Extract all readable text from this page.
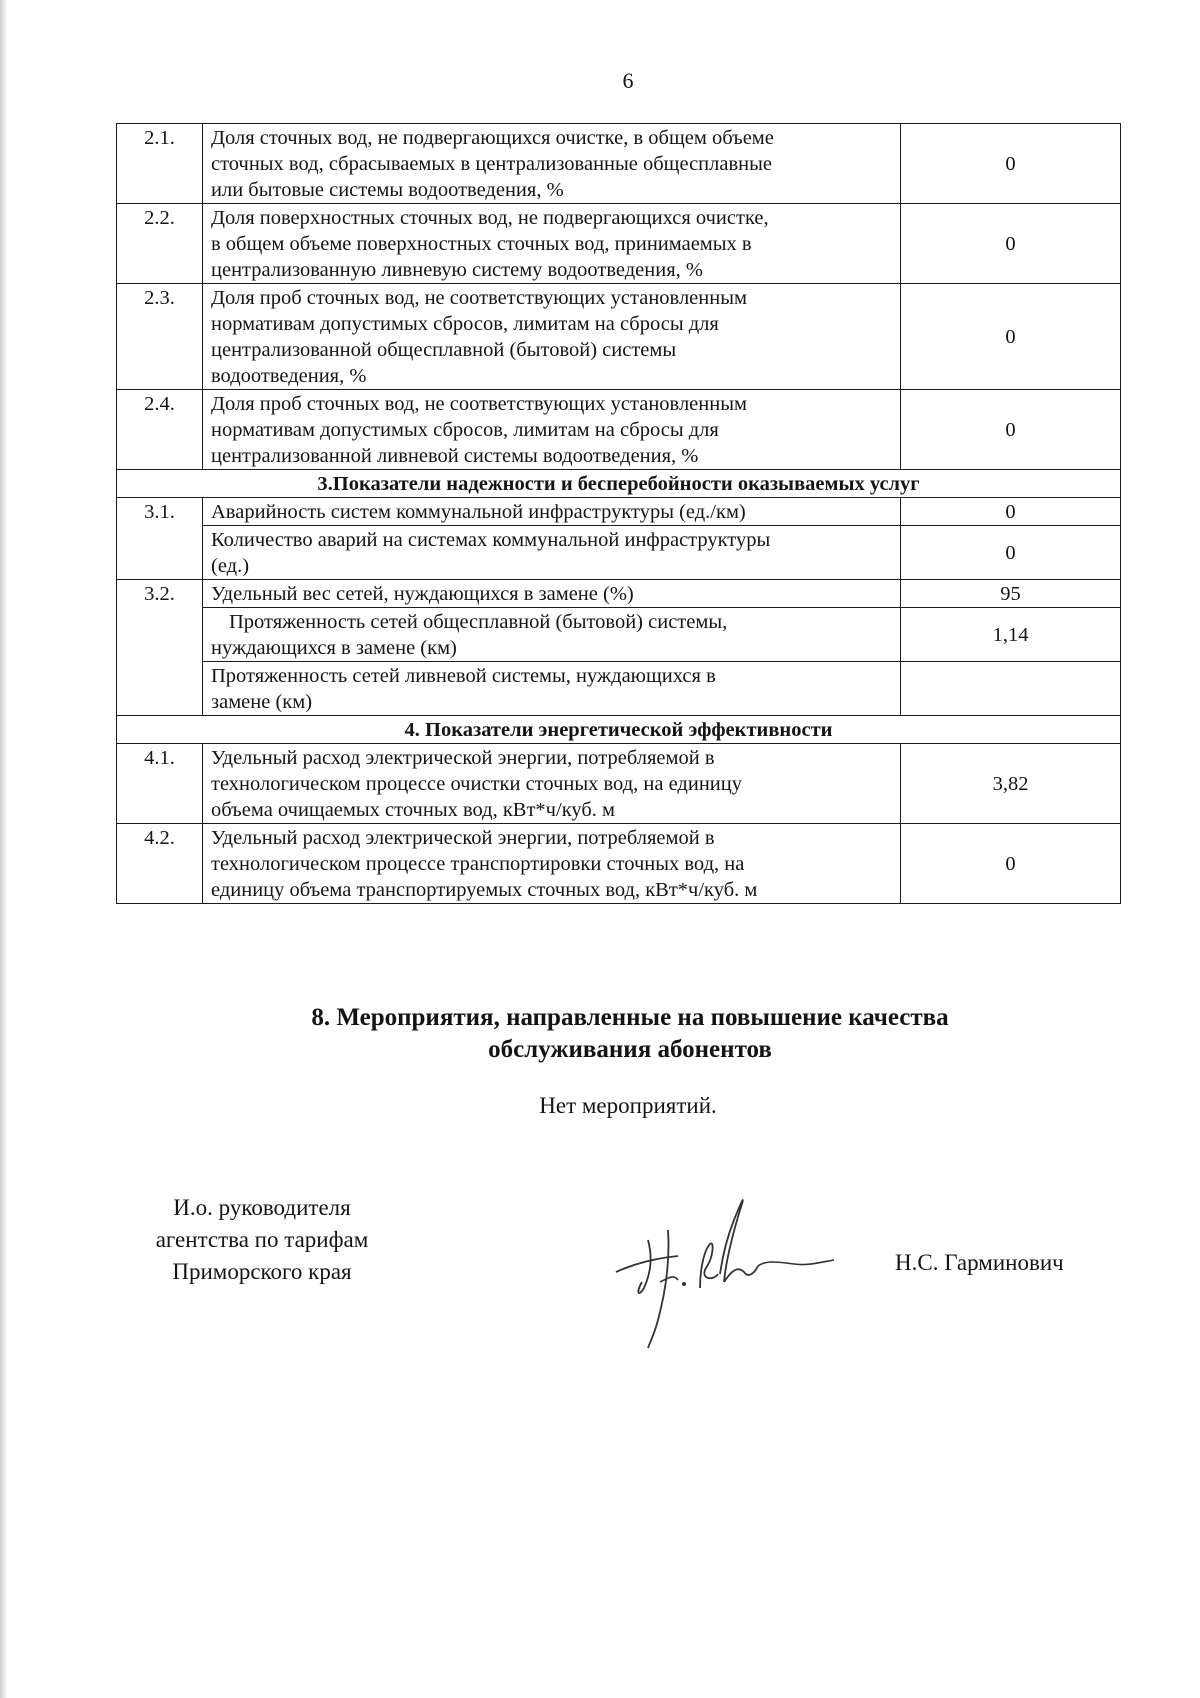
6
2.1.	Доля сточных вод, не подвергающихся очистке, в общем объеме
сточных вод, сбрасываемых в централизованные общесплавные
или бытовые системы водоотведения, %	0
2.2.	Доля поверхностных сточных вод, не подвергающихся очистке,
в общем объеме поверхностных сточных вод, принимаемых в
централизованную ливневую систему водоотведения, %	0
2.3.	Доля проб сточных вод, не соответствующих установленным
нормативам допустимых сбросов, лимитам на сбросы для
централизованной общесплавной (бытовой) системы
водоотведения, %	0
2.4.	Доля проб сточных вод, не соответствующих установленным
нормативам допустимых сбросов, лимитам на сбросы для
централизованной ливневой системы водоотведения, %	0
3.Показатели надежности и бесперебойности оказываемых услуг		
3.1.	Аварийность систем коммунальной инфраструктуры (ед./км)	0

	Количество аварий на системах коммунальной инфраструктуры
(ед.)	0
3.2.	Удельный вес сетей, нуждающихся в замене (%)	95

	Протяженность сетей общесплавной (бытовой) системы,
нуждающихся в замене (км)	1,14

	Протяженность сетей ливневой системы, нуждающихся в
замене (км)	

4. Показатели энергетической эффективности		
4.1.	Удельный расход электрической энергии, потребляемой в
технологическом процессе очистки сточных вод, на единицу
объема очищаемых сточных вод, кВт*ч/куб. м	3,82
4.2.	Удельный расход электрической энергии, потребляемой в
технологическом процессе транспортировки сточных вод, на
единицу объема транспортируемых сточных вод, кВт*ч/куб. м	0
8. Мероприятия, направленные на повышение качества
обслуживания абонентов
Нет мероприятий.
И.о. руководителя
агентства по тарифам
Приморского края	Н.С. Гарминович
